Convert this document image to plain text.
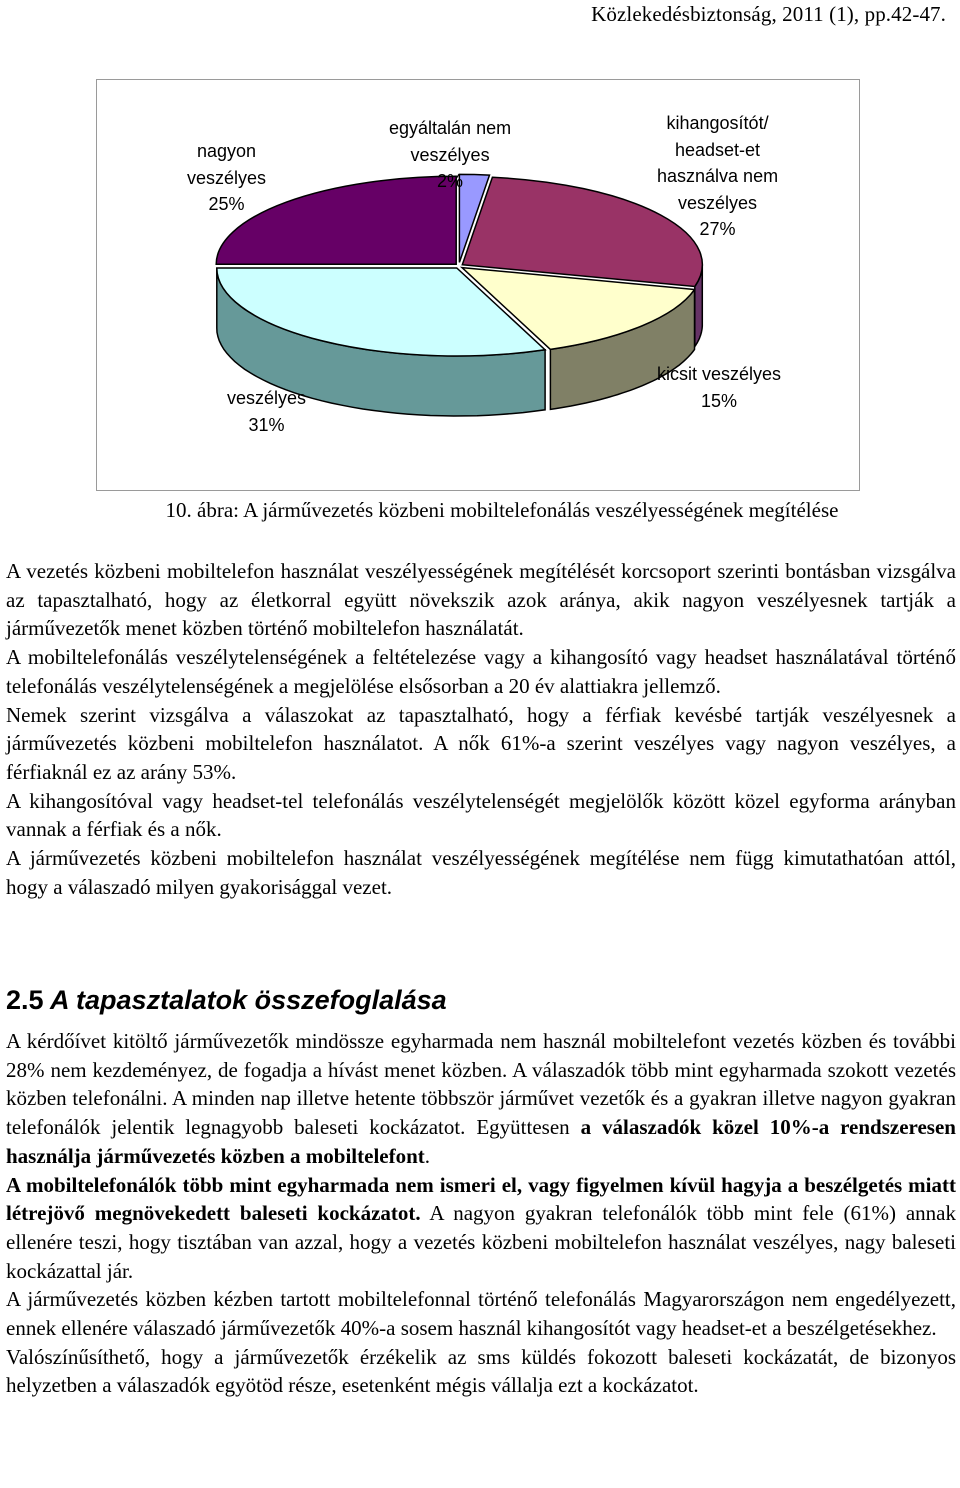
Közlekedésbiztonság, 2011 (1), pp.42-47.
egyáltalán nem
veszélyes
2%
kihangosítót/
headset-et
használva nem
veszélyes
27%
kicsit veszélyes
15%
veszélyes
31%
nagyon
veszélyes
25%
10. ábra: A járművezetés közbeni mobiltelefonálás veszélyességének megítélése

A vezetés közbeni mobiltelefon használat veszélyességének megítélését korcsoport szerinti bontásban vizsgálva az tapasztalható, hogy az életkorral együtt növekszik azok aránya, akik nagyon veszélyesnek tartják a járművezetők menet közben történő mobiltelefon használatát.

A mobiltelefonálás veszélytelenségének a feltételezése vagy a kihangosító vagy headset használatával történő telefonálás veszélytelenségének a megjelölése elsősorban a 20 év alattiakra jellemző.

Nemek szerint vizsgálva a válaszokat az tapasztalható, hogy a férfiak kevésbé tartják veszélyesnek a járművezetés közbeni mobiltelefon használatot. A nők 61%-a szerint veszélyes vagy nagyon veszélyes, a férfiaknál ez az arány 53%.

A kihangosítóval vagy headset-tel telefonálás veszélytelenségét megjelölők között közel egyforma arányban vannak a férfiak és a nők.

A járművezetés közbeni mobiltelefon használat veszélyességének megítélése nem függ kimutathatóan attól, hogy a válaszadó milyen gyakorisággal vezet.

2.5 A tapasztalatok összefoglalása

A kérdőívet kitöltő járművezetők mindössze egyharmada nem használ mobiltelefont vezetés közben és további 28% nem kezdeményez, de fogadja a hívást menet közben. A válaszadók több mint egyharmada szokott vezetés közben telefonálni. A minden nap illetve hetente többször járművet vezetők és a gyakran illetve nagyon gyakran telefonálók jelentik legnagyobb baleseti kockázatot. Együttesen a válaszadók közel 10%-a rendszeresen használja járművezetés közben a mobiltelefont.

A mobiltelefonálók több mint egyharmada nem ismeri el, vagy figyelmen kívül hagyja a beszélgetés miatt létrejövő megnövekedett baleseti kockázatot. A nagyon gyakran telefonálók több mint fele (61%) annak ellenére teszi, hogy tisztában van azzal, hogy a vezetés közbeni mobiltelefon használat veszélyes, nagy baleseti kockázattal jár.

A járművezetés közben kézben tartott mobiltelefonnal történő telefonálás Magyarországon nem engedélyezett, ennek ellenére válaszadó járművezetők 40%-a sosem használ kihangosítót vagy headset-et a beszélgetésekhez.

Valószínűsíthető, hogy a járművezetők érzékelik az sms küldés fokozott baleseti kockázatát, de bizonyos helyzetben a válaszadók egyötöd része, esetenként mégis vállalja ezt a kockázatot.
